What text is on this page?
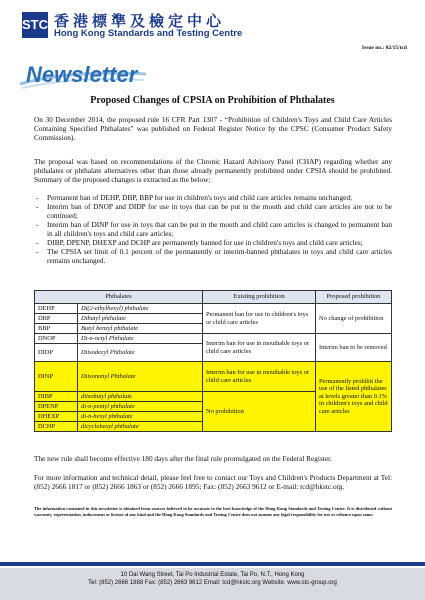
STC 香港標準及檢定中心
Hong Kong Standards and Testing Centre
Issue no.: 02/15/tcd
Newsletter
Proposed Changes of CPSIA on Prohibition of Phthalates
On 30 December 2014, the proposed rule 16 CFR Part 1307 - “Prohibition of Children's Toys and Child Care Articles Containing Specified Phthalates” was published on Federal Register Notice by the CPSC (Consumer Product Safety Commission).
The proposal was based on recommendations of the Chronic Hazard Advisory Panel (CHAP) regarding whether any phthalates or phthalate alternatives other than those already permanently prohibited under CPSIA should be prohibited. Summary of the proposed changes is extracted as the below:
- Permanent ban of DEHP, DBP, BBP for use in children's toys and child care articles remains unchanged;
- Interim ban of DNOP and DIDP for use in toys that can be put in the mouth and child care articles are not to be continued;
- Interim ban of DINP for use in toys that can be put in the mouth and child care articles is changed to permanent ban in all children's toys and child care articles;
- DIBP, DPENP, DHEXP and DCHP are permanently banned for use in children's toys and child care articles;
- The CPSIA set limit of 0.1 percent of the permanently or interim-banned phthalates in toys and child care articles remains unchanged.
Phthalates		Existing prohibition	Proposed prohibition
DEHP	Di(2-ethylhexyl) phthalate	Permanent ban for use in children's toys or child care articles	No change of prohibition
DBP	Dibutyl phthalate		
BBP	Butyl benzyl phthalate		
DNOP	Di-n-octyl Phthalate	Interim ban for use in mouthable toys or child care articles	Interim ban to be removed
DIDP	Diisodecyl Phthalate		
DINP	Diisononyl Phthalate	Interim ban for use in mouthable toys or child care articles	Permanently prohibit the use of the listed phthalates at levels greater than 0.1% in children's toys and child care articles
DIBP	diisobutyl phthalate	No prohibition	
DPENP	di-n-pentyl phthalate		
DHEXP	di-n-hexyl phthalate		
DCHP	dicyclohexyl phthalate		
The new rule shall become effective 180 days after the final rule promulgated on the Federal Register.
For more information and technical detail, please feel free to contact our Toys and Children's Products Department at Tel: (852) 2666 1817 or (852) 2666 1863 or (852) 2666 1895; Fax: (852) 2663 9612 or E-mail: tcd@hkstc.org.
The information contained in this newsletter is obtained from sources believed to be accurate to the best knowledge of the Hong Kong Standards and Testing Centre. It is distributed without warranty, representation, inducement or license of any kind and the Hong Kong Standards and Testing Centre does not assume any legal responsibility for use or reliance upon same.
10 Dai Wang Street, Tai Po Industrial Estate, Tai Po, N.T., Hong Kong
Tel: (852) 2666 1888 Fax: (852) 2663 9612 Email: tcd@hkstc.org Website: www.stc-group.org
